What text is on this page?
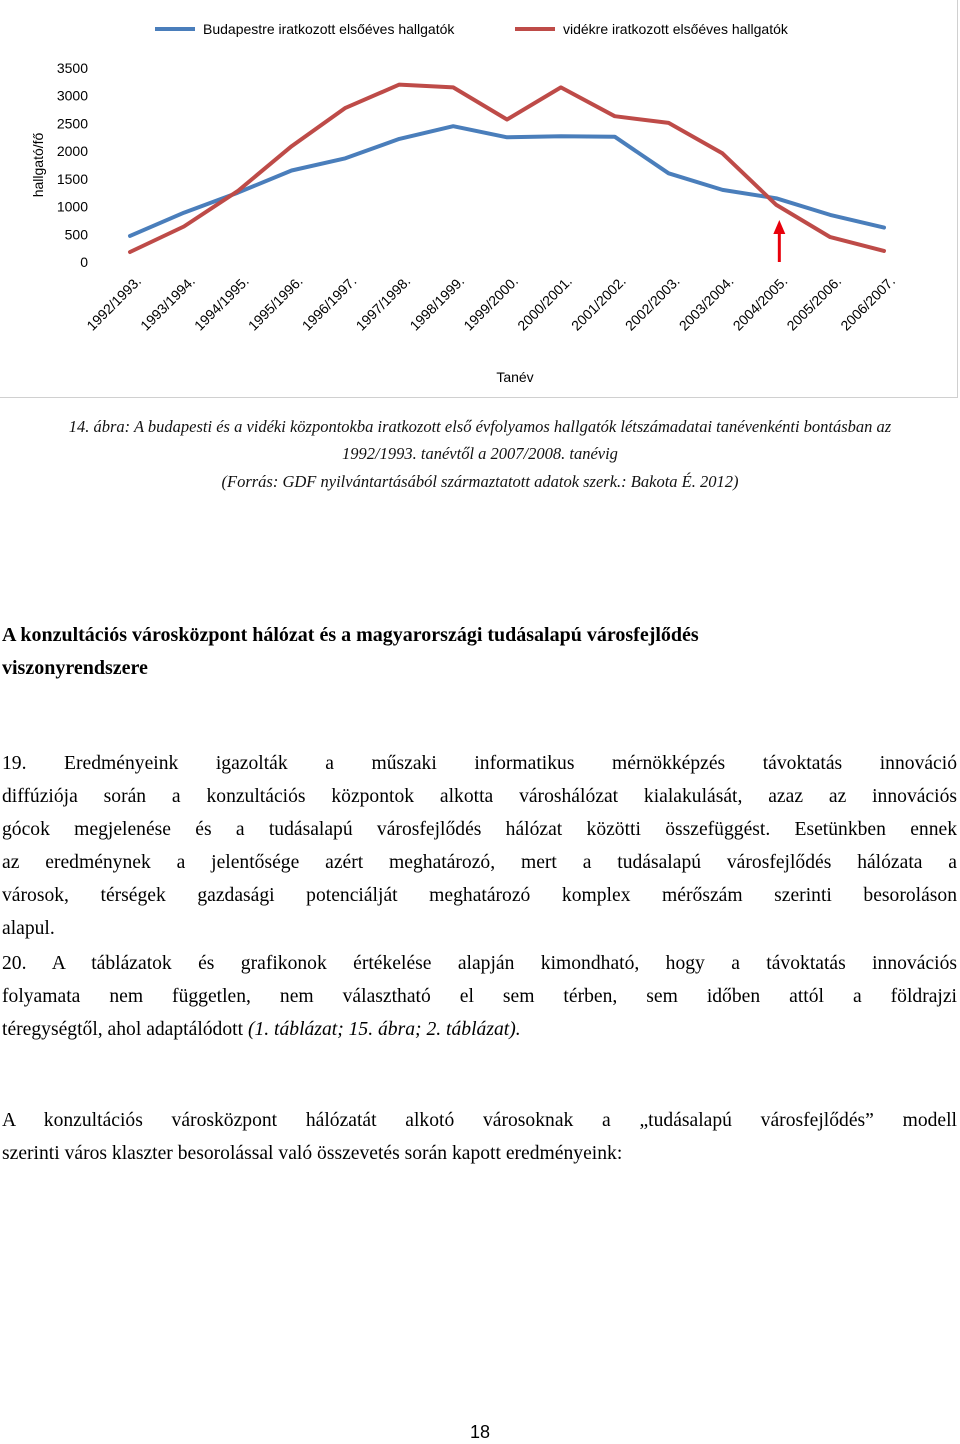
Budapestre iratkozott elsőéves hallgatók	vidékre iratkozott elsőéves hallgatók
hallgató/fő
0
500
1000
1500
2000
2500
3000
3500
1992/1993.
1993/1994.
1994/1995.
1995/1996.
1996/1997.
1997/1998.
1998/1999.
1999/2000.
2000/2001.
2001/2002.
2002/2003.
2003/2004.
2004/2005.
2005/2006.
2006/2007.
Tanév
14. ábra: A budapesti és a vidéki központokba iratkozott első évfolyamos hallgatók létszámadatai tanévenkénti bontásban az
1992/1993. tanévtől a 2007/2008. tanévig
(Forrás: GDF nyilvántartásából származtatott adatok szerk.: Bakota É. 2012)
A konzultációs városközpont hálózat és a magyarországi tudásalapú városfejlődés
viszonyrendszere
19. Eredményeink igazolták a műszaki informatikus mérnökképzés távoktatás innováció
diffúziója során a konzultációs központok alkotta városhálózat kialakulását, azaz az innovációs
gócok megjelenése és a tudásalapú városfejlődés hálózat közötti összefüggést. Esetünkben ennek
az eredménynek a jelentősége azért meghatározó, mert a tudásalapú városfejlődés hálózata a
városok, térségek gazdasági potenciálját meghatározó komplex mérőszám szerinti besoroláson
alapul.
20. A táblázatok és grafikonok értékelése alapján kimondható, hogy a távoktatás innovációs
folyamata nem független, nem választható el sem térben, sem időben attól a földrajzi
téregységtől, ahol adaptálódott (1. táblázat; 15. ábra; 2. táblázat).
A konzultációs városközpont hálózatát alkotó városoknak a „tudásalapú városfejlődés” modell
szerinti város klaszter besorolással való összevetés során kapott eredményeink:
18
